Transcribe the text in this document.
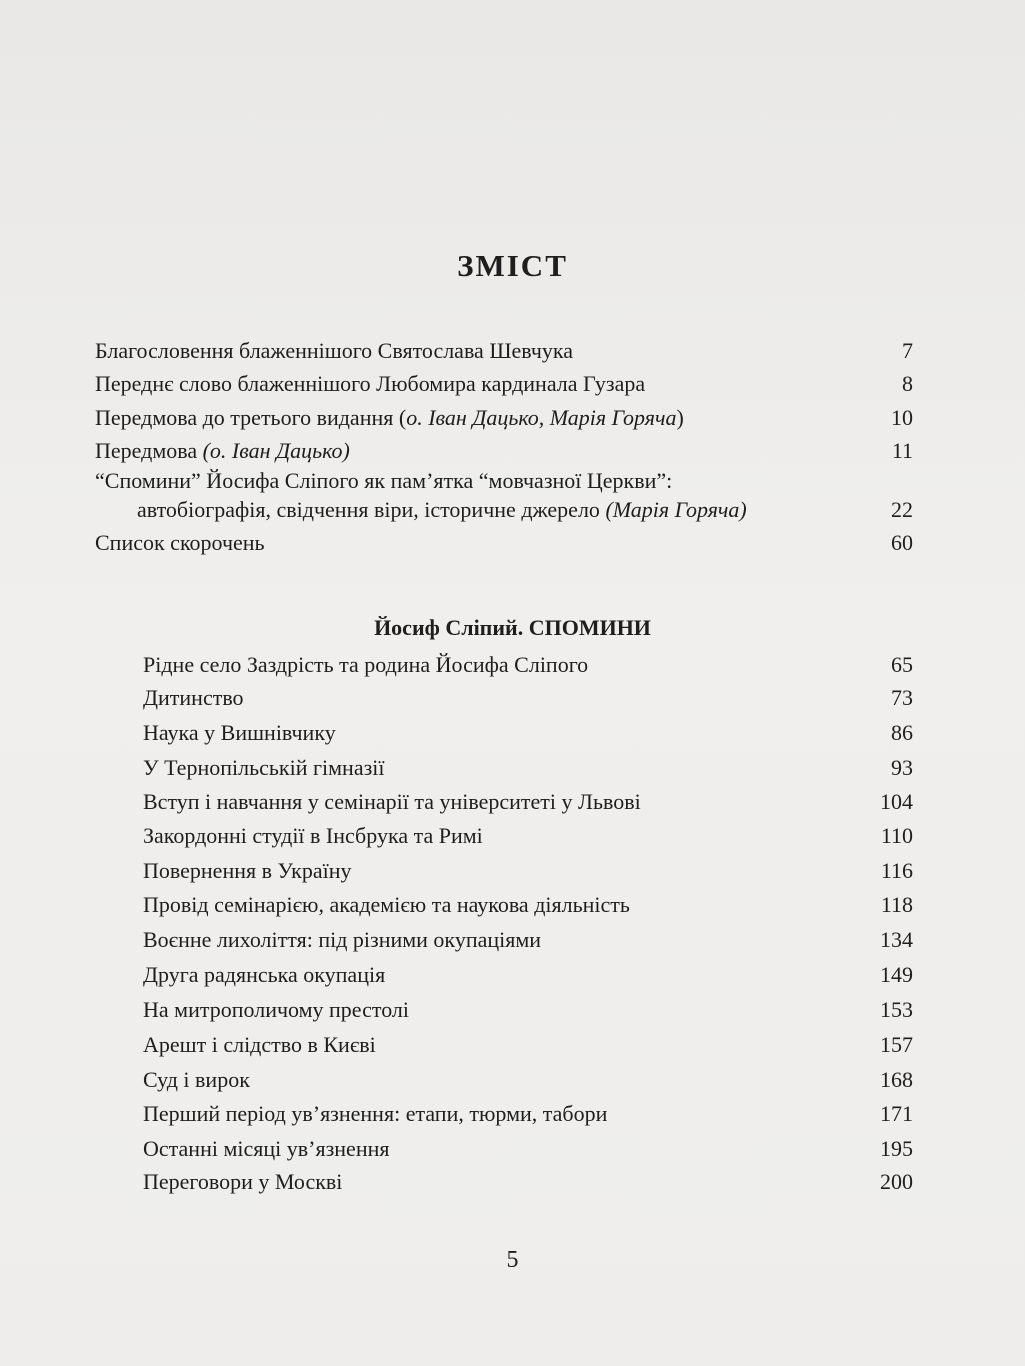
ЗМІСТ
Благословення блаженнішого Святослава Шевчука	7
Переднє слово блаженнішого Любомира кардинала Гузара	8
Передмова до третього видання (о. Іван Дацько, Марія Горяча)	10
Передмова (о. Іван Дацько)	11
“Спомини” Йосифа Сліпого як пам’ятка “мовчазної Церкви”:
автобіографія, свідчення віри, історичне джерело (Марія Горяча)	22
Список скорочень	60
Йосиф Сліпий. СПОМИНИ
Рідне село Заздрість та родина Йосифа Сліпого	65
Дитинство	73
Наука у Вишнівчику	86
У Тернопільській гімназії	93
Вступ і навчання у семінарії та університеті у Львові	104
Закордонні студії в Інсбрука та Римі	110
Повернення в Україну	116
Провід семінарією, академією та наукова діяльність	118
Воєнне лихоліття: під різними окупаціями	134
Друга радянська окупація	149
На митрополичому престолі	153
Арешт і слідство в Києві	157
Суд і вирок	168
Перший період ув’язнення: етапи, тюрми, табори	171
Останні місяці ув’язнення	195
Переговори у Москві	200
5
